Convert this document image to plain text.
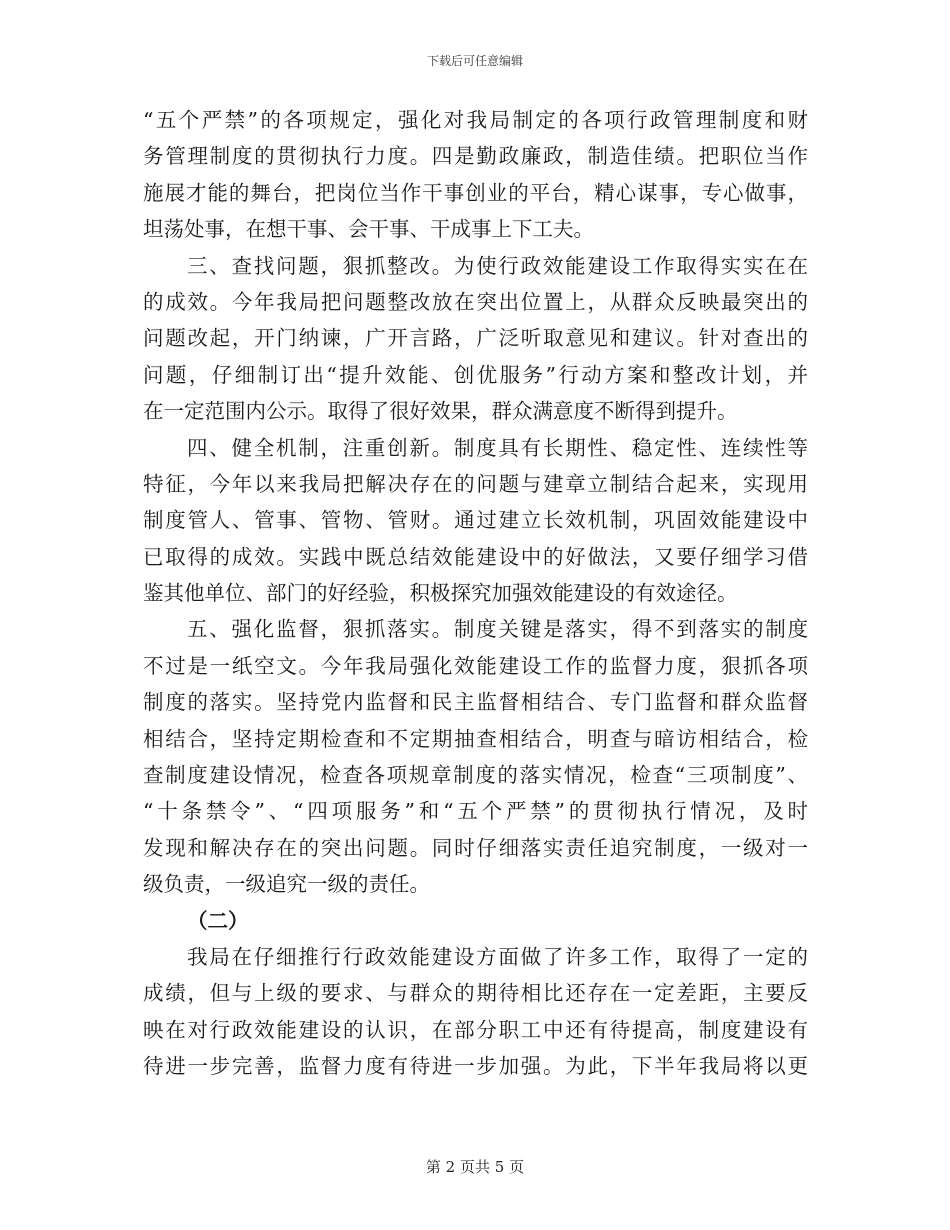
下载后可任意编辑
“五个严禁”的各项规定，强化对我局制定的各项行政管理制度和财
务管理制度的贯彻执行力度。四是勤政廉政，制造佳绩。把职位当作
施展才能的舞台，把岗位当作干事创业的平台，精心谋事，专心做事，
坦荡处事，在想干事、会干事、干成事上下工夫。
三、查找问题，狠抓整改。为使行政效能建设工作取得实实在在
的成效。今年我局把问题整改放在突出位置上，从群众反映最突出的
问题改起，开门纳谏，广开言路，广泛听取意见和建议。针对查出的
问题，仔细制订出“提升效能、创优服务”行动方案和整改计划，并
在一定范围内公示。取得了很好效果，群众满意度不断得到提升。
四、健全机制，注重创新。制度具有长期性、稳定性、连续性等
特征，今年以来我局把解决存在的问题与建章立制结合起来，实现用
制度管人、管事、管物、管财。通过建立长效机制，巩固效能建设中
已取得的成效。实践中既总结效能建设中的好做法，又要仔细学习借
鉴其他单位、部门的好经验，积极探究加强效能建设的有效途径。
五、强化监督，狠抓落实。制度关键是落实，得不到落实的制度
不过是一纸空文。今年我局强化效能建设工作的监督力度，狠抓各项
制度的落实。坚持党内监督和民主监督相结合、专门监督和群众监督
相结合，坚持定期检查和不定期抽查相结合，明查与暗访相结合，检
查制度建设情况，检查各项规章制度的落实情况，检查“三项制度”、
“十条禁令”、“四项服务”和“五个严禁”的贯彻执行情况，及时
发现和解决存在的突出问题。同时仔细落实责任追究制度，一级对一
级负责，一级追究一级的责任。
（二）
我局在仔细推行行政效能建设方面做了许多工作，取得了一定的
成绩，但与上级的要求、与群众的期待相比还存在一定差距，主要反
映在对行政效能建设的认识，在部分职工中还有待提高，制度建设有
待进一步完善，监督力度有待进一步加强。为此，下半年我局将以更
第 2 页共 5 页
